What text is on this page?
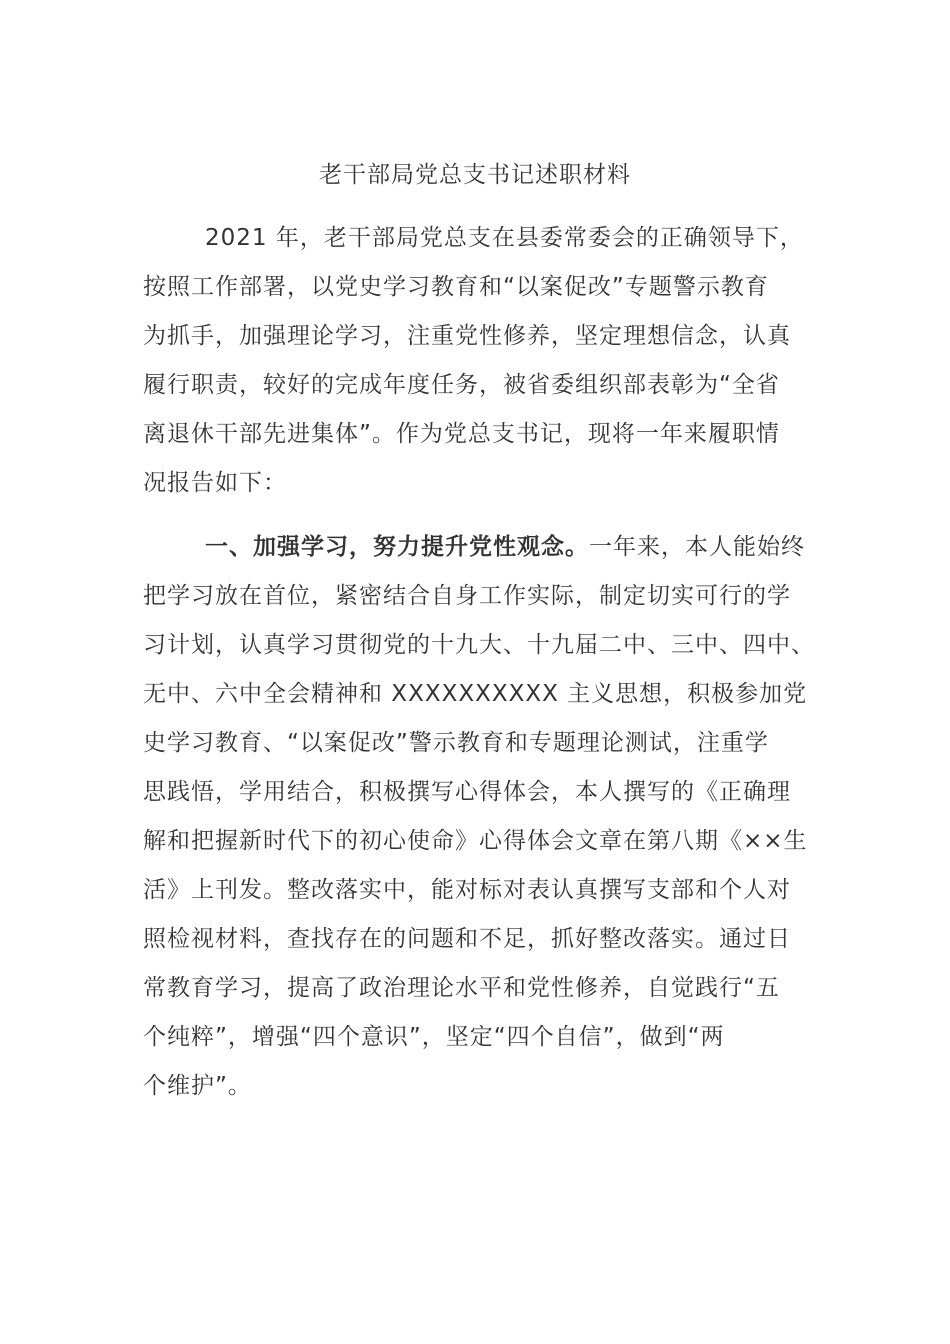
老干部局党总支书记述职材料
2021 年，老干部局党总支在县委常委会的正确领导下，
按照工作部署，以党史学习教育和“以案促改”专题警示教育
为抓手，加强理论学习，注重党性修养，坚定理想信念，认真
履行职责，较好的完成年度任务，被省委组织部表彰为“全省
离退休干部先进集体”。作为党总支书记，现将一年来履职情
况报告如下：
一、加强学习，努力提升党性观念。一年来，本人能始终
把学习放在首位，紧密结合自身工作实际，制定切实可行的学
习计划，认真学习贯彻党的十九大、十九届二中、三中、四中、
无中、六中全会精神和 XXXXXXXXXX 主义思想，积极参加党
史学习教育、“以案促改”警示教育和专题理论测试，注重学
思践悟，学用结合，积极撰写心得体会，本人撰写的《正确理
解和把握新时代下的初心使命》心得体会文章在第八期《××生
活》上刊发。整改落实中，能对标对表认真撰写支部和个人对
照检视材料，查找存在的问题和不足，抓好整改落实。通过日
常教育学习，提高了政治理论水平和党性修养，自觉践行“五
个纯粹”，增强“四个意识”，坚定“四个自信”，做到“两
个维护”。
